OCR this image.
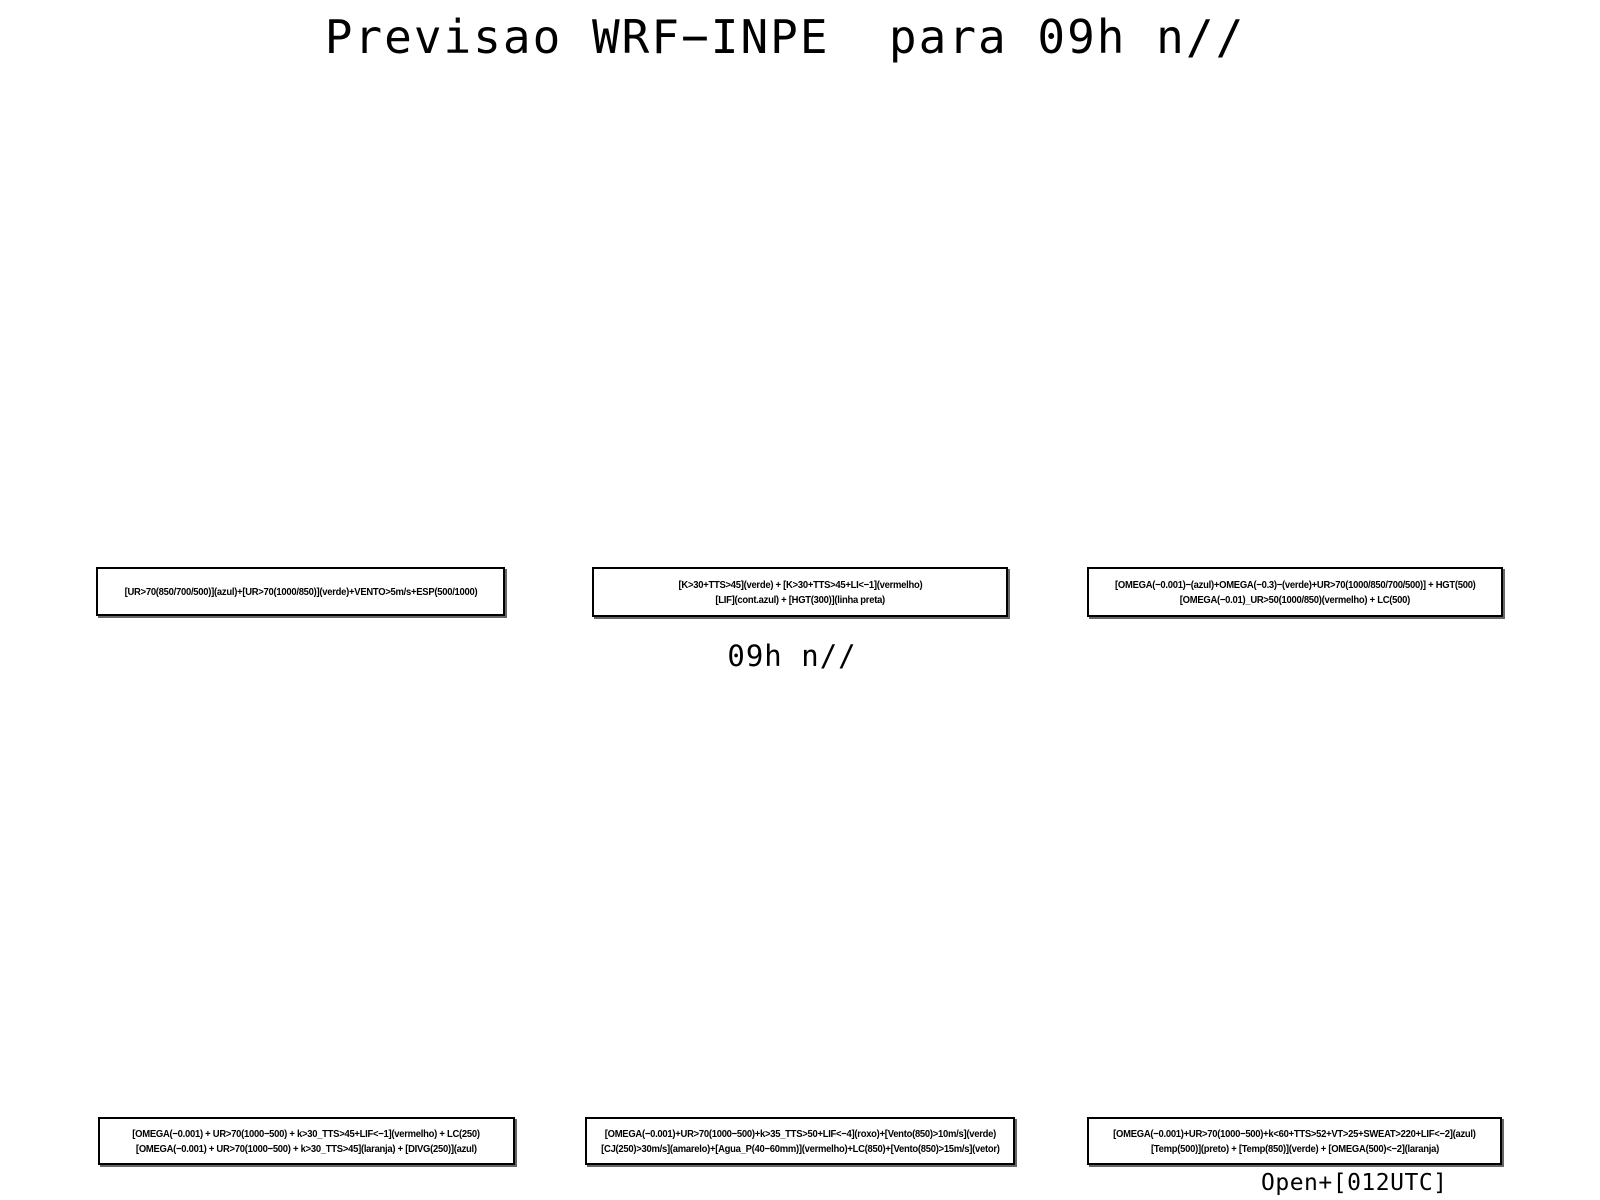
Previsao WRF−INPE  para 09h n//
[UR>70(850/700/500)](azul)+[UR>70(1000/850)](verde)+VENTO>5m/s+ESP(500/1000)
[K>30+TTS>45](verde) + [K>30+TTS>45+LI<−1](vermelho)
[LIF](cont.azul) + [HGT(300)](linha preta)
[OMEGA(−0.001)−(azul)+OMEGA(−0.3)−(verde)+UR>70(1000/850/700/500)] + HGT(500)
[OMEGA(−0.01)_UR>50(1000/850)(vermelho) + LC(500)
09h n//
[OMEGA(−0.001) + UR>70(1000−500) + k>30_TTS>45+LIF<−1](vermelho) + LC(250)
[OMEGA(−0.001) + UR>70(1000−500) + k>30_TTS>45](laranja) + [DIVG(250)](azul)
[OMEGA(−0.001)+UR>70(1000−500)+k>35_TTS>50+LIF<−4](roxo)+[Vento(850)>10m/s](verde)
[CJ(250)>30m/s](amarelo)+[Agua_P(40−60mm)](vermelho)+LC(850)+[Vento(850)>15m/s](vetor)
[OMEGA(−0.001)+UR>70(1000−500)+k<60+TTS>52+VT>25+SWEAT>220+LIF<−2](azul)
[Temp(500)](preto) + [Temp(850)](verde) + [OMEGA(500)<−2](laranja)
Open+[012UTC]
